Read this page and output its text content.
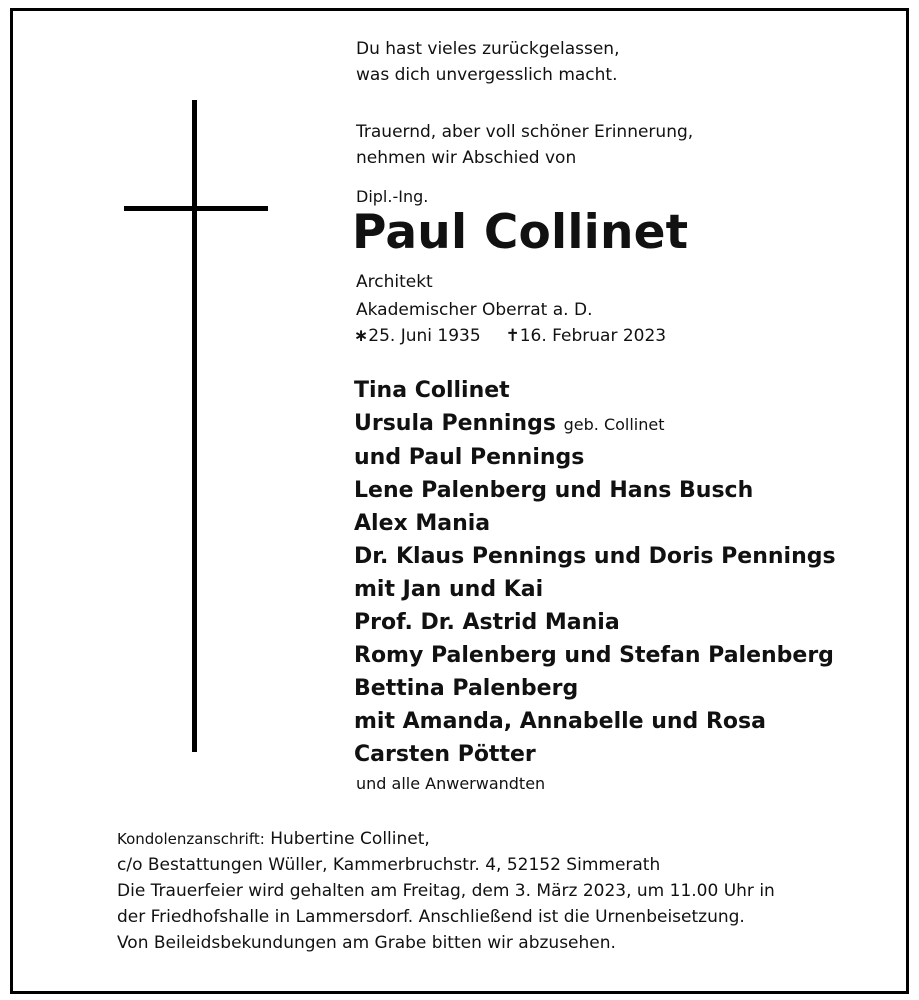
Du hast vieles zurückgelassen,
was dich unvergesslich macht.
Trauernd, aber voll schöner Erinnerung,
nehmen wir Abschied von
Dipl.-Ing.
Paul Collinet
Architekt
Akademischer Oberrat a. D.
∗25. Juni 1935 ✝16. Februar 2023
Tina Collinet
Ursula Pennings geb. Collinet
und Paul Pennings
Lene Palenberg und Hans Busch
Alex Mania
Dr. Klaus Pennings und Doris Pennings
mit Jan und Kai
Prof. Dr. Astrid Mania
Romy Palenberg und Stefan Palenberg
Bettina Palenberg
mit Amanda, Annabelle und Rosa
Carsten Pötter
und alle Anwerwandten
Kondolenzanschrift: Hubertine Collinet,
c/o Bestattungen Wüller, Kammerbruchstr. 4, 52152 Simmerath
Die Trauerfeier wird gehalten am Freitag, dem 3. März 2023, um 11.00 Uhr in
der Friedhofshalle in Lammersdorf. Anschließend ist die Urnenbeisetzung.
Von Beileidsbekundungen am Grabe bitten wir abzusehen.
